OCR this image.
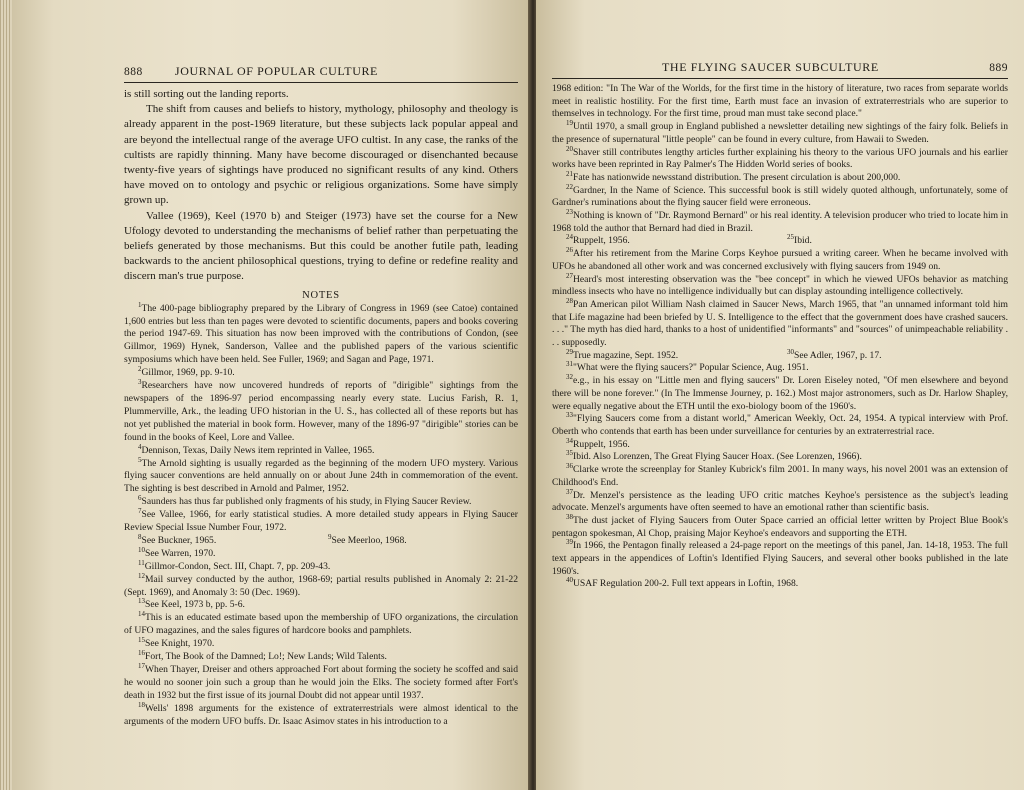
888	JOURNAL OF POPULAR CULTURE

is still sorting out the landing reports.

The shift from causes and beliefs to history, mythology, philosophy and theology is already apparent in the post-1969 literature, but these subjects lack popular appeal and are beyond the intellectual range of the average UFO cultist. In any case, the ranks of the cultists are rapidly thinning. Many have become discouraged or disenchanted because twenty-five years of sightings have produced no significant results of any kind. Others have moved on to ontology and psychic or religious organizations. Some have simply grown up.

Vallee (1969), Keel (1970 b) and Steiger (1973) have set the course for a New Ufology devoted to understanding the mechanisms of belief rather than perpetuating the beliefs generated by those mechanisms. But this could be another futile path, leading backwards to the ancient philosophical questions, trying to define or redefine reality and discern man's true purpose.

NOTES

$^1$The 400-page bibliography prepared by the Library of Congress in 1969 (see Catoe) contained 1,600 entries but less than ten pages were devoted to scientific documents, papers and books covering the period 1947-69. This situation has now been improved with the contributions of Condon, (see Gillmor, 1969) Hynek, Sanderson, Vallee and the published papers of the various scientific symposiums which have been held. See Fuller, 1969; and Sagan and Page, 1971.

$^2$Gillmor, 1969, pp. 9-10.

$^3$Researchers have now uncovered hundreds of reports of "dirigible" sightings from the newspapers of the 1896-97 period encompassing nearly every state. Lucius Farish, R. 1, Plummerville, Ark., the leading UFO historian in the U. S., has collected all of these reports but has not yet published the material in book form. However, many of the 1896-97 "dirigible" stories can be found in the books of Keel, Lore and Vallee.

$^4$Dennison, Texas, Daily News item reprinted in Vallee, 1965.

$^5$The Arnold sighting is usually regarded as the beginning of the modern UFO mystery. Various flying saucer conventions are held annually on or about June 24th in commemoration of the event. The sighting is best described in Arnold and Palmer, 1952.

$^6$Saunders has thus far published only fragments of his study, in Flying Saucer Review.

$^7$See Vallee, 1966, for early statistical studies. A more detailed study appears in Flying Saucer Review Special Issue Number Four, 1972.

$^8$See Buckner, 1965.	$^9$See Meerloo, 1968.

$^{10}$See Warren, 1970.

$^{11}$Gillmor-Condon, Sect. III, Chapt. 7, pp. 209-43.

$^{12}$Mail survey conducted by the author, 1968-69; partial results published in Anomaly 2: 21-22 (Sept. 1969), and Anomaly 3: 50 (Dec. 1969).

$^{13}$See Keel, 1973 b, pp. 5-6.

$^{14}$This is an educated estimate based upon the membership of UFO organizations, the circulation of UFO magazines, and the sales figures of hardcore books and pamphlets.

$^{15}$See Knight, 1970.

$^{16}$Fort, The Book of the Damned; Lo!; New Lands; Wild Talents.

$^{17}$When Thayer, Dreiser and others approached Fort about forming the society he scoffed and said he would no sooner join such a group than he would join the Elks. The society formed after Fort's death in 1932 but the first issue of its journal Doubt did not appear until 1937.

$^{18}$Wells' 1898 arguments for the existence of extraterrestrials were almost identical to the arguments of the modern UFO buffs. Dr. Isaac Asimov states in his introduction to a

THE FLYING SAUCER SUBCULTURE	889

1968 edition: "In The War of the Worlds, for the first time in the history of literature, two races from separate worlds meet in realistic hostility. For the first time, Earth must face an invasion of extraterrestrials who are superior to themselves in technology. For the first time, proud man must take second place."

$^{19}$Until 1970, a small group in England published a newsletter detailing new sightings of the fairy folk. Beliefs in the presence of supernatural "little people" can be found in every culture, from Hawaii to Sweden.

$^{20}$Shaver still contributes lengthy articles further explaining his theory to the various UFO journals and his earlier works have been reprinted in Ray Palmer's The Hidden World series of books.

$^{21}$Fate has nationwide newsstand distribution. The present circulation is about 200,000.

$^{22}$Gardner, In the Name of Science. This successful book is still widely quoted although, unfortunately, some of Gardner's ruminations about the flying saucer field were erroneous.

$^{23}$Nothing is known of "Dr. Raymond Bernard" or his real identity. A television producer who tried to locate him in 1968 told the author that Bernard had died in Brazil.

$^{24}$Ruppelt, 1956.	$^{25}$Ibid.

$^{26}$After his retirement from the Marine Corps Keyhoe pursued a writing career. When he became involved with UFOs he abandoned all other work and was concerned exclusively with flying saucers from 1949 on.

$^{27}$Heard's most interesting observation was the "bee concept" in which he viewed UFOs behavior as matching mindless insects who have no intelligence individually but can display astounding intelligence collectively.

$^{28}$Pan American pilot William Nash claimed in Saucer News, March 1965, that "an unnamed informant told him that Life magazine had been briefed by U. S. Intelligence to the effect that the government does have crashed saucers. . . ." The myth has died hard, thanks to a host of unidentified "informants" and "sources" of unimpeachable reliability . . . supposedly.

$^{29}$True magazine, Sept. 1952.	$^{30}$See Adler, 1967, p. 17.

$^{31}$"What were the flying saucers?" Popular Science, Aug. 1951.

$^{32}$e.g., in his essay on "Little men and flying saucers" Dr. Loren Eiseley noted, "Of men elsewhere and beyond there will be none forever." (In The Immense Journey, p. 162.) Most major astronomers, such as Dr. Harlow Shapley, were equally negative about the ETH until the exo-biology boom of the 1960's.

$^{33}$"Flying Saucers come from a distant world," American Weekly, Oct. 24, 1954. A typical interview with Prof. Oberth who contends that earth has been under surveillance for centuries by an extraterrestrial race.

$^{34}$Ruppelt, 1956.

$^{35}$Ibid. Also Lorenzen, The Great Flying Saucer Hoax. (See Lorenzen, 1966).

$^{36}$Clarke wrote the screenplay for Stanley Kubrick's film 2001. In many ways, his novel 2001 was an extension of Childhood's End.

$^{37}$Dr. Menzel's persistence as the leading UFO critic matches Keyhoe's persistence as the subject's leading advocate. Menzel's arguments have often seemed to have an emotional rather than scientific basis.

$^{38}$The dust jacket of Flying Saucers from Outer Space carried an official letter written by Project Blue Book's pentagon spokesman, Al Chop, praising Major Keyhoe's endeavors and supporting the ETH.

$^{39}$In 1966, the Pentagon finally released a 24-page report on the meetings of this panel, Jan. 14-18, 1953. The full text appears in the appendices of Loftin's Identified Flying Saucers, and several other books published in the late 1960's.

$^{40}$USAF Regulation 200-2. Full text appears in Loftin, 1968.
